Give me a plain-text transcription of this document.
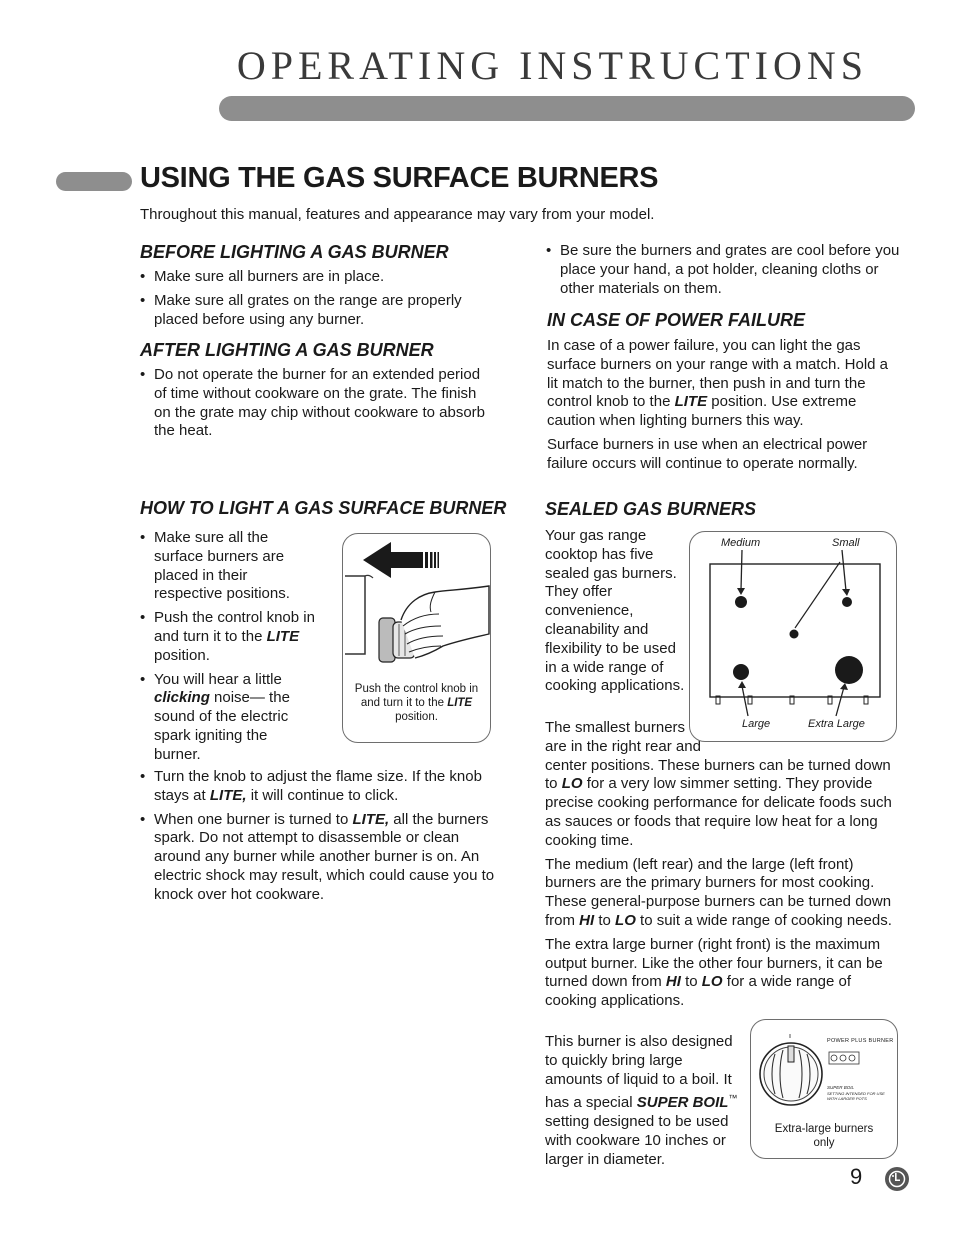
OPERATING INSTRUCTIONS
USING THE GAS SURFACE BURNERS
Throughout this manual, features and appearance may vary from your model.
BEFORE LIGHTING A GAS BURNER
• Make sure all burners are in place.
• Make sure all grates on the range are properly placed before using any burner.
AFTER LIGHTING A GAS BURNER
• Do not operate the burner for an extended period of time without cookware on the grate. The finish on the grate may chip without cookware to absorb the heat.
• Be sure the burners and grates are cool before you place your hand, a pot holder, cleaning cloths or other materials on them.
IN CASE OF POWER FAILURE
In case of a power failure, you can light the gas surface burners on your range with a match. Hold a lit match to the burner, then push in and turn the control knob to the LITE position. Use extreme caution when lighting burners this way.
Surface burners in use when an electrical power failure occurs will continue to operate normally.
HOW TO LIGHT A GAS SURFACE BURNER
• Make sure all the surface burners are placed in their respective positions.
• Push the control knob in and turn it to the LITE position.
• You will hear a little clicking noise— the sound of the electric spark igniting the burner.
• Turn the knob to adjust the flame size. If the knob stays at LITE, it will continue to click.
• When one burner is turned to LITE, all the burners spark. Do not attempt to disassemble or clean around any burner while another burner is on. An electric shock may result, which could cause you to knock over hot cookware.
Push the control knob in and turn it to the LITE position.
SEALED GAS BURNERS
Your gas range cooktop has five sealed gas burners. They offer convenience, cleanability and flexibility to be used in a wide range of cooking applications.
The smallest burners are in the right rear and center positions. These burners can be turned down to LO for a very low simmer setting. They provide precise cooking performance for delicate foods such as sauces or foods that require low heat for a long cooking time.
The medium (left rear) and the large (left front) burners are the primary burners for most cooking. These general-purpose burners can be turned down from HI to LO to suit a wide range of cooking needs.
The extra large burner (right front) is the maximum output burner. Like the other four burners, it can be turned down from HI to LO for a wide range of cooking applications.
This burner is also designed to quickly bring large amounts of liquid to a boil. It has a special SUPER BOIL™ setting designed to be used with cookware 10 inches or larger in diameter.
Medium	Small
Large	Extra Large
POWER PLUS BURNER
SUPER BOIL
SETTING INTENDED FOR USE WITH LARGER POTS
Extra-large burners only
9
